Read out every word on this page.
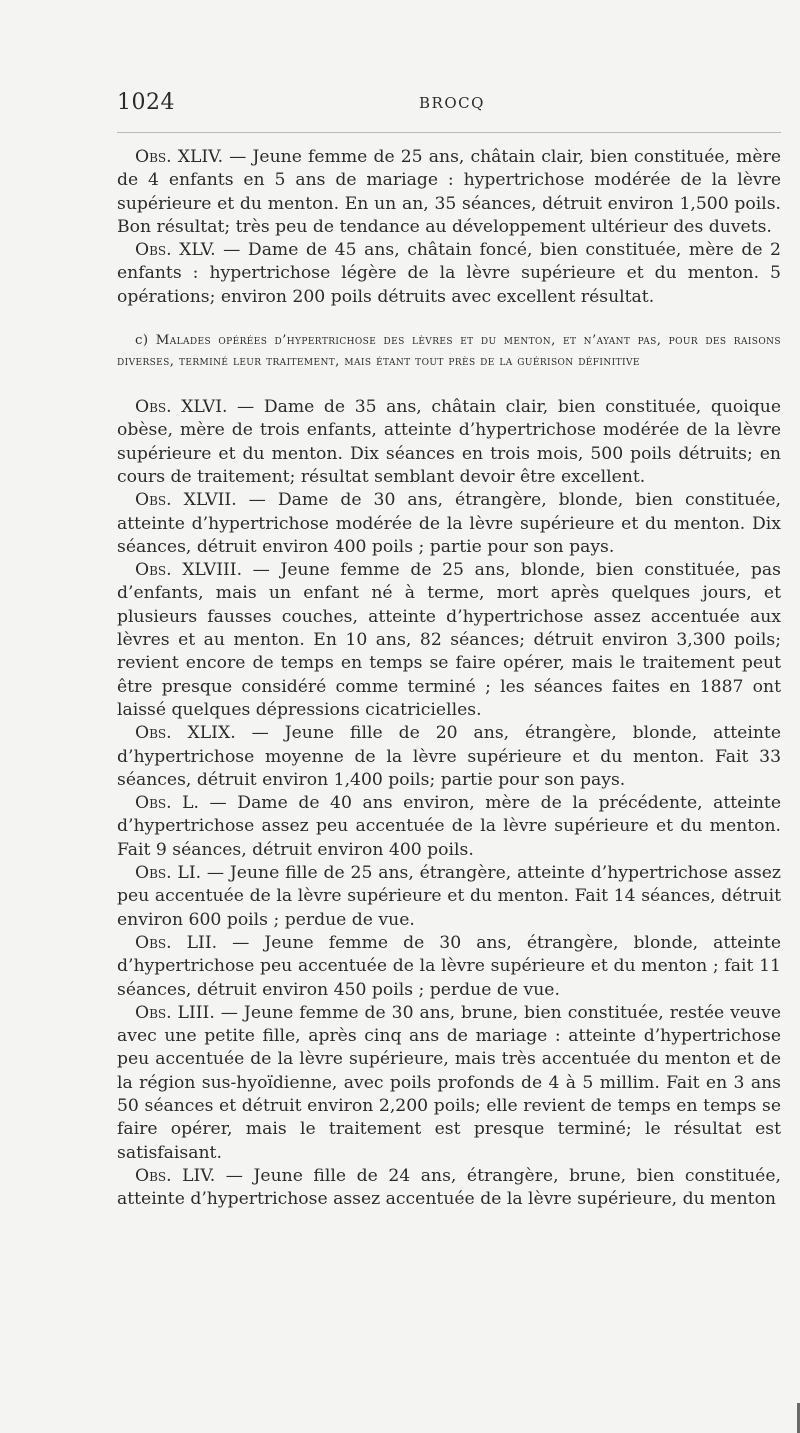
1024	BROCQ

Obs. XLIV. — Jeune femme de 25 ans, châtain clair, bien constituée, mère de 4 enfants en 5 ans de mariage : hypertrichose modérée de la lèvre supérieure et du menton. En un an, 35 séances, détruit environ 1,500 poils. Bon résultat; très peu de tendance au développement ultérieur des duvets.

Obs. XLV. — Dame de 45 ans, châtain foncé, bien constituée, mère de 2 enfants : hypertrichose légère de la lèvre supérieure et du menton. 5 opérations; environ 200 poils détruits avec excellent résultat.

c) Malades opérées d’hypertrichose des lèvres et du menton, et n’ayant pas, pour des raisons diverses, terminé leur traitement, mais étant tout près de la guérison définitive

Obs. XLVI. — Dame de 35 ans, châtain clair, bien constituée, quoique obèse, mère de trois enfants, atteinte d’hypertrichose modérée de la lèvre supérieure et du menton. Dix séances en trois mois, 500 poils détruits; en cours de traitement; résultat semblant devoir être excellent.

Obs. XLVII. — Dame de 30 ans, étrangère, blonde, bien constituée, atteinte d’hypertrichose modérée de la lèvre supérieure et du menton. Dix séances, détruit environ 400 poils ; partie pour son pays.

Obs. XLVIII. — Jeune femme de 25 ans, blonde, bien constituée, pas d’enfants, mais un enfant né à terme, mort après quelques jours, et plusieurs fausses couches, atteinte d’hypertrichose assez accentuée aux lèvres et au menton. En 10 ans, 82 séances; détruit environ 3,300 poils; revient encore de temps en temps se faire opérer, mais le traitement peut être presque considéré comme terminé ; les séances faites en 1887 ont laissé quelques dépressions cicatricielles.

Obs. XLIX. — Jeune fille de 20 ans, étrangère, blonde, atteinte d’hypertrichose moyenne de la lèvre supérieure et du menton. Fait 33 séances, détruit environ 1,400 poils; partie pour son pays.

Obs. L. — Dame de 40 ans environ, mère de la précédente, atteinte d’hypertrichose assez peu accentuée de la lèvre supérieure et du menton. Fait 9 séances, détruit environ 400 poils.

Obs. LI. — Jeune fille de 25 ans, étrangère, atteinte d’hypertrichose assez peu accentuée de la lèvre supérieure et du menton. Fait 14 séances, détruit environ 600 poils ; perdue de vue.

Obs. LII. — Jeune femme de 30 ans, étrangère, blonde, atteinte d’hypertrichose peu accentuée de la lèvre supérieure et du menton ; fait 11 séances, détruit environ 450 poils ; perdue de vue.

Obs. LIII. — Jeune femme de 30 ans, brune, bien constituée, restée veuve avec une petite fille, après cinq ans de mariage : atteinte d’hypertrichose peu accentuée de la lèvre supérieure, mais très accentuée du menton et de la région sus-hyoïdienne, avec poils profonds de 4 à 5 millim. Fait en 3 ans 50 séances et détruit environ 2,200 poils; elle revient de temps en temps se faire opérer, mais le traitement est presque terminé; le résultat est satisfaisant.

Obs. LIV. — Jeune fille de 24 ans, étrangère, brune, bien constituée, atteinte d’hypertrichose assez accentuée de la lèvre supérieure, du menton
